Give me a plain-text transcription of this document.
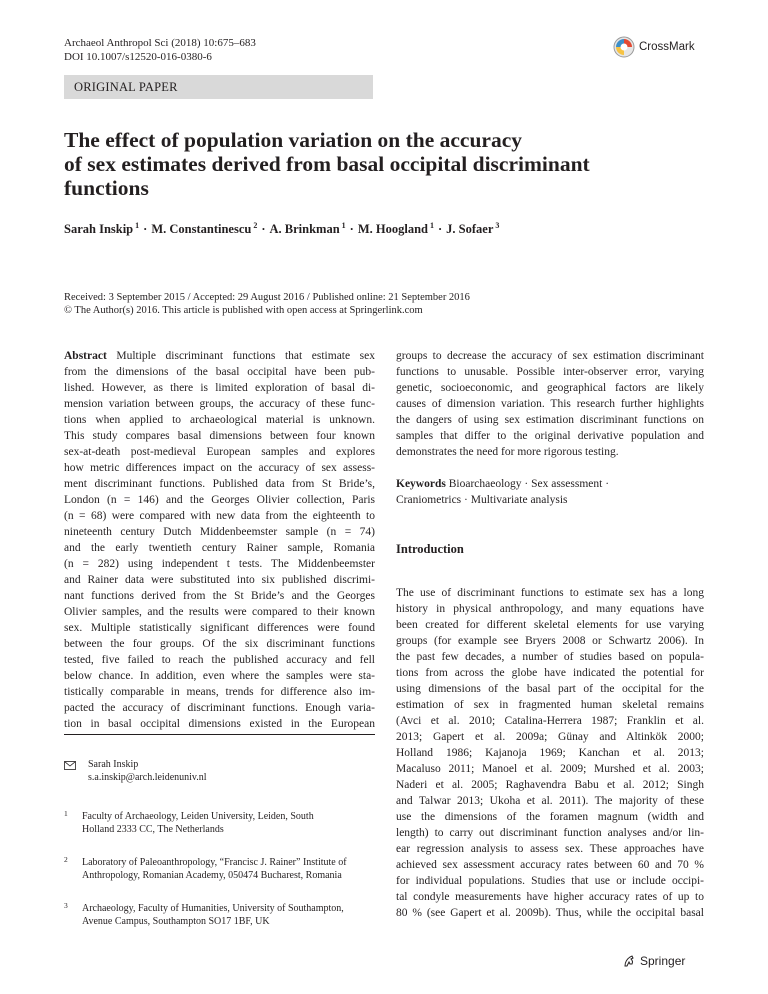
Archaeol Anthropol Sci (2018) 10:675–683
DOI 10.1007/s12520-016-0380-6
CrossMark
ORIGINAL PAPER
The effect of population variation on the accuracy
of sex estimates derived from basal occipital discriminant
functions
Sarah Inskip $^1$ · M. Constantinescu $^2$ · A. Brinkman $^1$ · M. Hoogland $^1$ · J. Sofaer $^3$
Received: 3 September 2015 / Accepted: 29 August 2016 / Published online: 21 September 2016
© The Author(s) 2016. This article is published with open access at Springerlink.com
Abstract Multiple discriminant functions that estimate sex
from the dimensions of the basal occipital have been pub-
lished. However, as there is limited exploration of basal di-
mension variation between groups, the accuracy of these func-
tions when applied to archaeological material is unknown.
This study compares basal dimensions between four known
sex-at-death post-medieval European samples and explores
how metric differences impact on the accuracy of sex assess-
ment discriminant functions. Published data from St Bride’s,
London (n = 146) and the Georges Olivier collection, Paris
(n = 68) were compared with new data from the eighteenth to
nineteenth century Dutch Middenbeemster sample (n = 74)
and the early twentieth century Rainer sample, Romania
(n = 282) using independent t tests. The Middenbeemster
and Rainer data were substituted into six published discrimi-
nant functions derived from the St Bride’s and the Georges
Olivier samples, and the results were compared to their known
sex. Multiple statistically significant differences were found
between the four groups. Of the six discriminant functions
tested, five failed to reach the published accuracy and fell
below chance. In addition, even where the samples were sta-
tistically comparable in means, trends for difference also im-
pacted the accuracy of discriminant functions. Enough varia-
tion in basal occipital dimensions existed in the European
Sarah Inskip
s.a.inskip@arch.leidenuniv.nl
1 Faculty of Archaeology, Leiden University, Leiden, South
Holland 2333 CC, The Netherlands
2 Laboratory of Paleoanthropology, “Francisc J. Rainer” Institute of
Anthropology, Romanian Academy, 050474 Bucharest, Romania
3 Archaeology, Faculty of Humanities, University of Southampton,
Avenue Campus, Southampton SO17 1BF, UK
groups to decrease the accuracy of sex estimation discriminant
functions to unusable. Possible inter-observer error, varying
genetic, socioeconomic, and geographical factors are likely
causes of dimension variation. This research further highlights
the dangers of using sex estimation discriminant functions on
samples that differ to the original derivative population and
demonstrates the need for more rigorous testing.
Keywords Bioarchaeology · Sex assessment ·
Craniometrics · Multivariate analysis
Introduction
The use of discriminant functions to estimate sex has a long
history in physical anthropology, and many equations have
been created for different skeletal elements for use varying
groups (for example see Bryers 2008 or Schwartz 2006). In
the past few decades, a number of studies based on popula-
tions from across the globe have indicated the potential for
using dimensions of the basal part of the occipital for the
estimation of sex in fragmented human skeletal remains
(Avci et al. 2010; Catalina-Herrera 1987; Franklin et al.
2013; Gapert et al. 2009a; Günay and Altinkök 2000;
Holland 1986; Kajanoja 1969; Kanchan et al. 2013;
Macaluso 2011; Manoel et al. 2009; Murshed et al. 2003;
Naderi et al. 2005; Raghavendra Babu et al. 2012; Singh
and Talwar 2013; Ukoha et al. 2011). The majority of these
use the dimensions of the foramen magnum (width and
length) to carry out discriminant function analyses and/or lin-
ear regression analysis to assess sex. These approaches have
achieved sex assessment accuracy rates between 60 and 70 %
for individual populations. Studies that use or include occipi-
tal condyle measurements have higher accuracy rates of up to
80 % (see Gapert et al. 2009b). Thus, while the occipital basal
Springer
